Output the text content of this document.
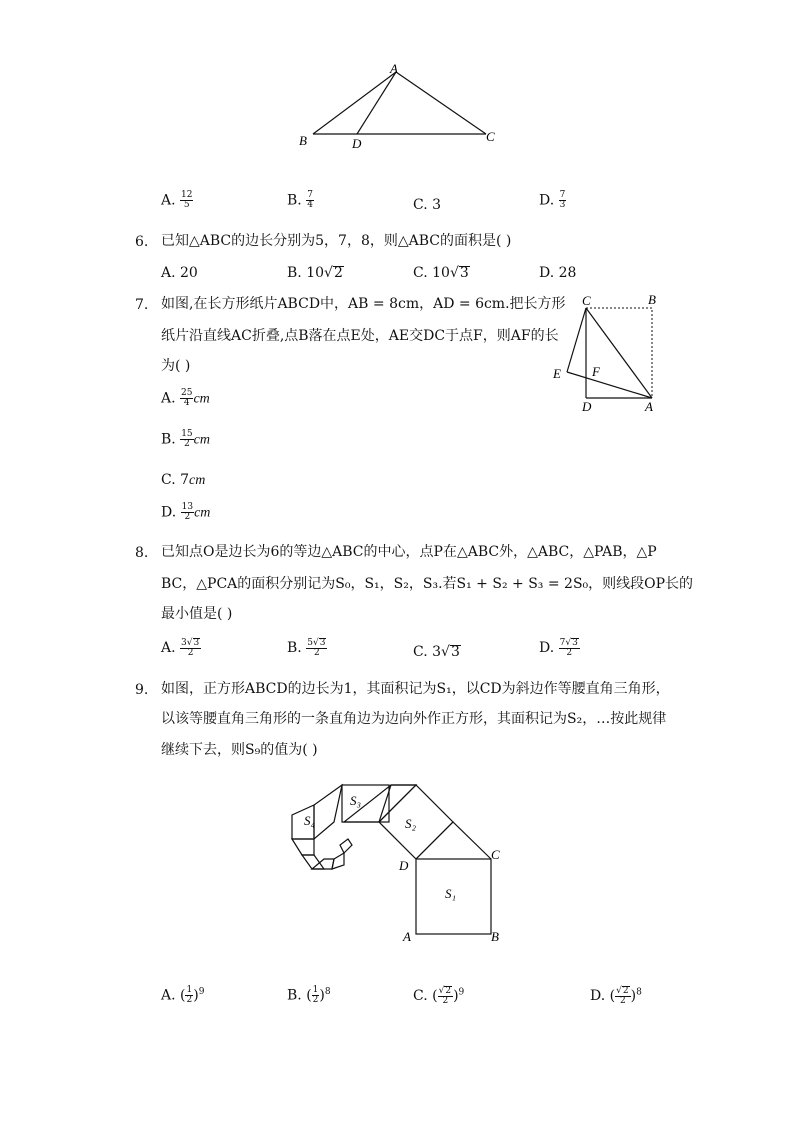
A
B	C
D
A. $\frac{12}{5}$	B. $\frac{7}{4}$	C. 3	D. $\frac{7}{3}$
6. 已知△ABC的边长分别为5，7，8，则△ABC的面积是( )
A. 20	B. 10√2	C. 10√3	D. 28
7. 如图,在长方形纸片ABCD中，AB = 8cm，AD = 6cm.把长方形
纸片沿直线AC折叠,点B落在点E处，AE交DC于点F，则AF的长
为( )
C	B
E F
D	A
A. $\frac{25}{4}$ cm
B. $\frac{15}{2}$ cm
C. 7cm
D. $\frac{13}{2}$ cm
8. 已知点O是边长为6的等边△ABC的中心，点P在△ABC外，△ABC，△PAB，△P
BC，△PCA的面积分别记为S₀，S₁，S₂，S₃.若S₁ + S₂ + S₃ = 2S₀，则线段OP长的
最小值是( )
A. $\frac{3√3}{2}$	B. $\frac{5√3}{2}$	C. 3√3	D. $\frac{7√3}{2}$
9. 如图，正方形ABCD的边长为1，其面积记为S₁，以CD为斜边作等腰直角三角形，
以该等腰直角三角形的一条直角边为边向外作正方形，其面积记为S₂，…按此规律
继续下去，则S₉的值为( )
S₃
S₂
S₄
S₁
D
C
A	B
A. ( $\frac{1}{2} )^9$	B. ( $\frac{1}{2} )^8$	C. ( $\frac{√2}{2} )^9$	D. ( $\frac{√2}{2} )^8$
